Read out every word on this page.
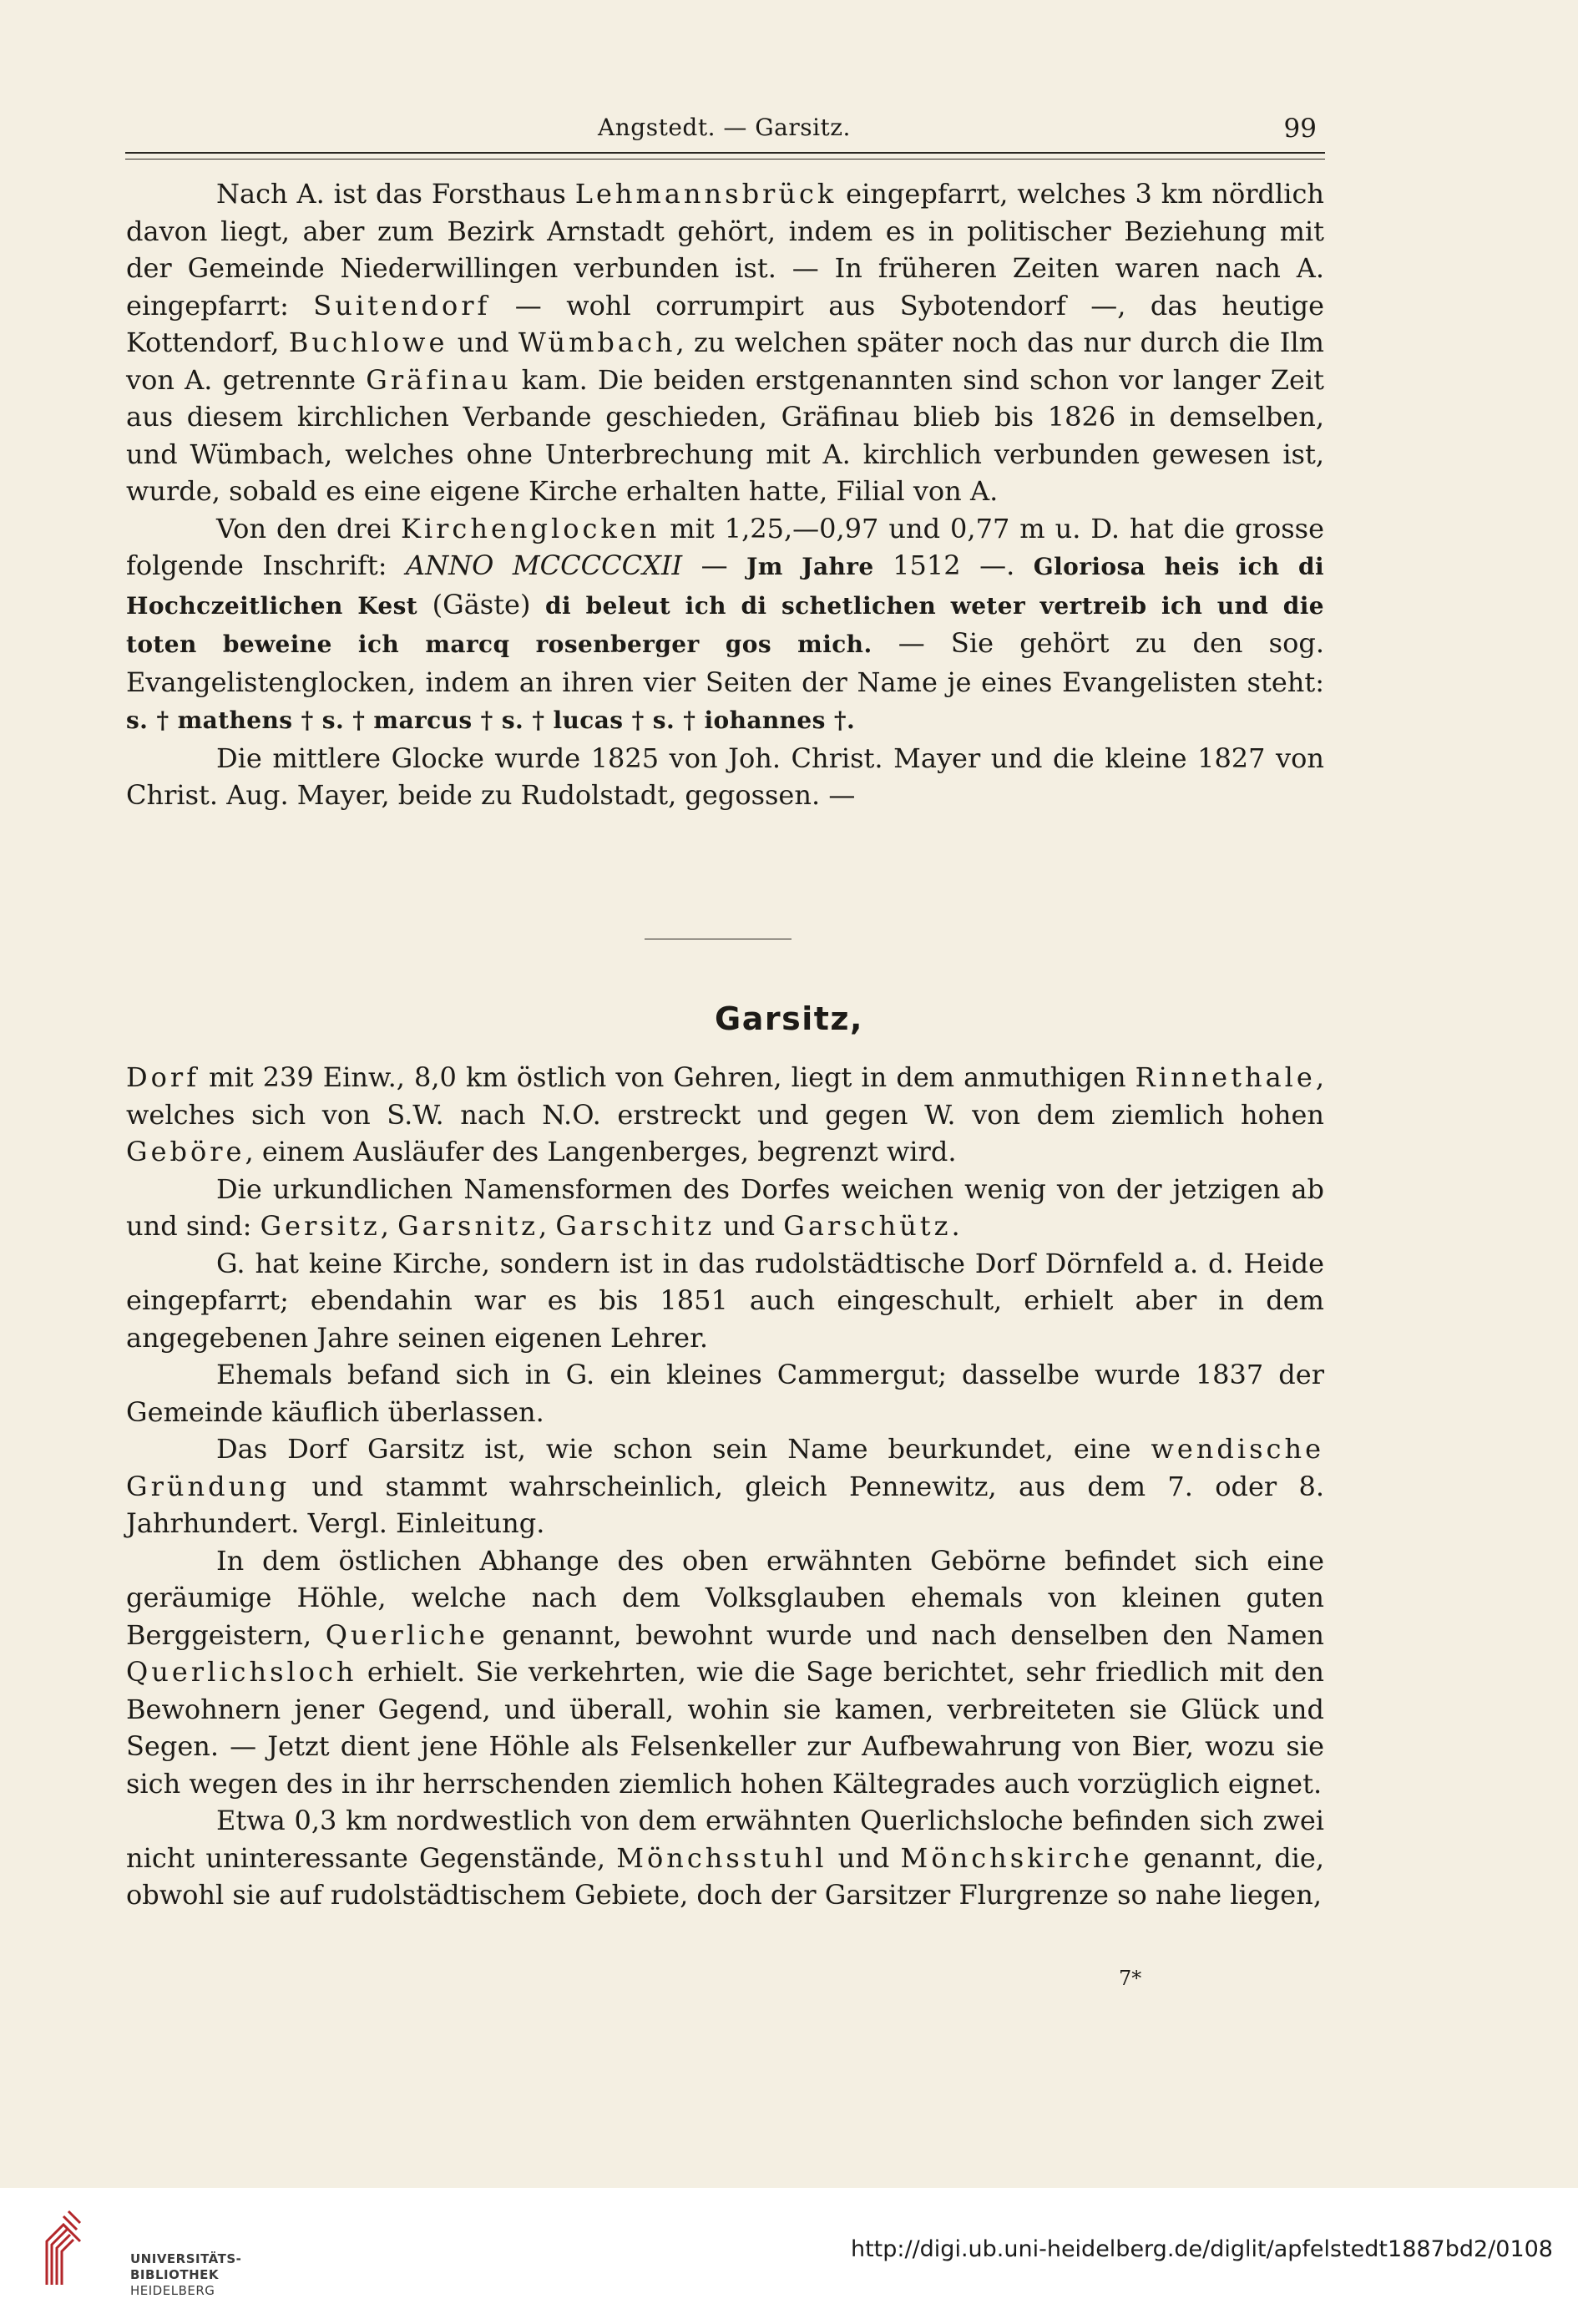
Angstedt. — Garsitz.	99

Nach A. ist das Forsthaus Lehmannsbrück eingepfarrt, welches 3 km nördlich davon liegt, aber zum Bezirk Arnstadt gehört, indem es in politischer Beziehung mit der Gemeinde Niederwillingen verbunden ist. — In früheren Zeiten waren nach A. eingepfarrt: Suitendorf — wohl corrumpirt aus Sybotendorf —, das heutige Kottendorf, Buchlowe und Wümbach, zu welchen später noch das nur durch die Ilm von A. getrennte Gräfinau kam. Die beiden erstgenannten sind schon vor langer Zeit aus diesem kirchlichen Verbande geschieden, Gräfinau blieb bis 1826 in demselben, und Wümbach, welches ohne Unterbrechung mit A. kirchlich verbunden gewesen ist, wurde, sobald es eine eigene Kirche erhalten hatte, Filial von A.

Von den drei Kirchenglocken mit 1,25,—0,97 und 0,77 m u. D. hat die grosse folgende Inschrift: ANNO MCCCCCXII — Jm Jahre 1512 —. Gloriosa heis ich di Hochczeitlichen Kest (Gäste) di beleut ich di schetlichen weter vertreib ich und die toten beweine ich marcq rosenberger gos mich. — Sie gehört zu den sog. Evangelistenglocken, indem an ihren vier Seiten der Name je eines Evangelisten steht: s. † mathens † s. † marcus † s. † lucas † s. † iohannes †.

Die mittlere Glocke wurde 1825 von Joh. Christ. Mayer und die kleine 1827 von Christ. Aug. Mayer, beide zu Rudolstadt, gegossen. —

Garsitz,

Dorf mit 239 Einw., 8,0 km östlich von Gehren, liegt in dem anmuthigen Rinnethale, welches sich von S.W. nach N.O. erstreckt und gegen W. von dem ziemlich hohen Geböre, einem Ausläufer des Langenberges, begrenzt wird.

Die urkundlichen Namensformen des Dorfes weichen wenig von der jetzigen ab und sind: Gersitz, Garsnitz, Garschitz und Garschütz.

G. hat keine Kirche, sondern ist in das rudolstädtische Dorf Dörnfeld a. d. Heide eingepfarrt; ebendahin war es bis 1851 auch eingeschult, erhielt aber in dem angegebenen Jahre seinen eigenen Lehrer.

Ehemals befand sich in G. ein kleines Cammergut; dasselbe wurde 1837 der Gemeinde käuflich überlassen.

Das Dorf Garsitz ist, wie schon sein Name beurkundet, eine wendische Gründung und stammt wahrscheinlich, gleich Pennewitz, aus dem 7. oder 8. Jahrhundert. Vergl. Einleitung.

In dem östlichen Abhange des oben erwähnten Gebörne befindet sich eine geräumige Höhle, welche nach dem Volksglauben ehemals von kleinen guten Berggeistern, Querliche genannt, bewohnt wurde und nach denselben den Namen Querlichsloch erhielt. Sie verkehrten, wie die Sage berichtet, sehr friedlich mit den Bewohnern jener Gegend, und überall, wohin sie kamen, verbreiteten sie Glück und Segen. — Jetzt dient jene Höhle als Felsenkeller zur Aufbewahrung von Bier, wozu sie sich wegen des in ihr herrschenden ziemlich hohen Kältegrades auch vorzüglich eignet.

Etwa 0,3 km nordwestlich von dem erwähnten Querlichsloche befinden sich zwei nicht uninteressante Gegenstände, Mönchsstuhl und Mönchskirche genannt, die, obwohl sie auf rudolstädtischem Gebiete, doch der Garsitzer Flurgrenze so nahe liegen,

7*
UNIVERSITÄTS-
BIBLIOTHEK
HEIDELBERG
http://digi.ub.uni-heidelberg.de/diglit/apfelstedt1887bd2/0108
